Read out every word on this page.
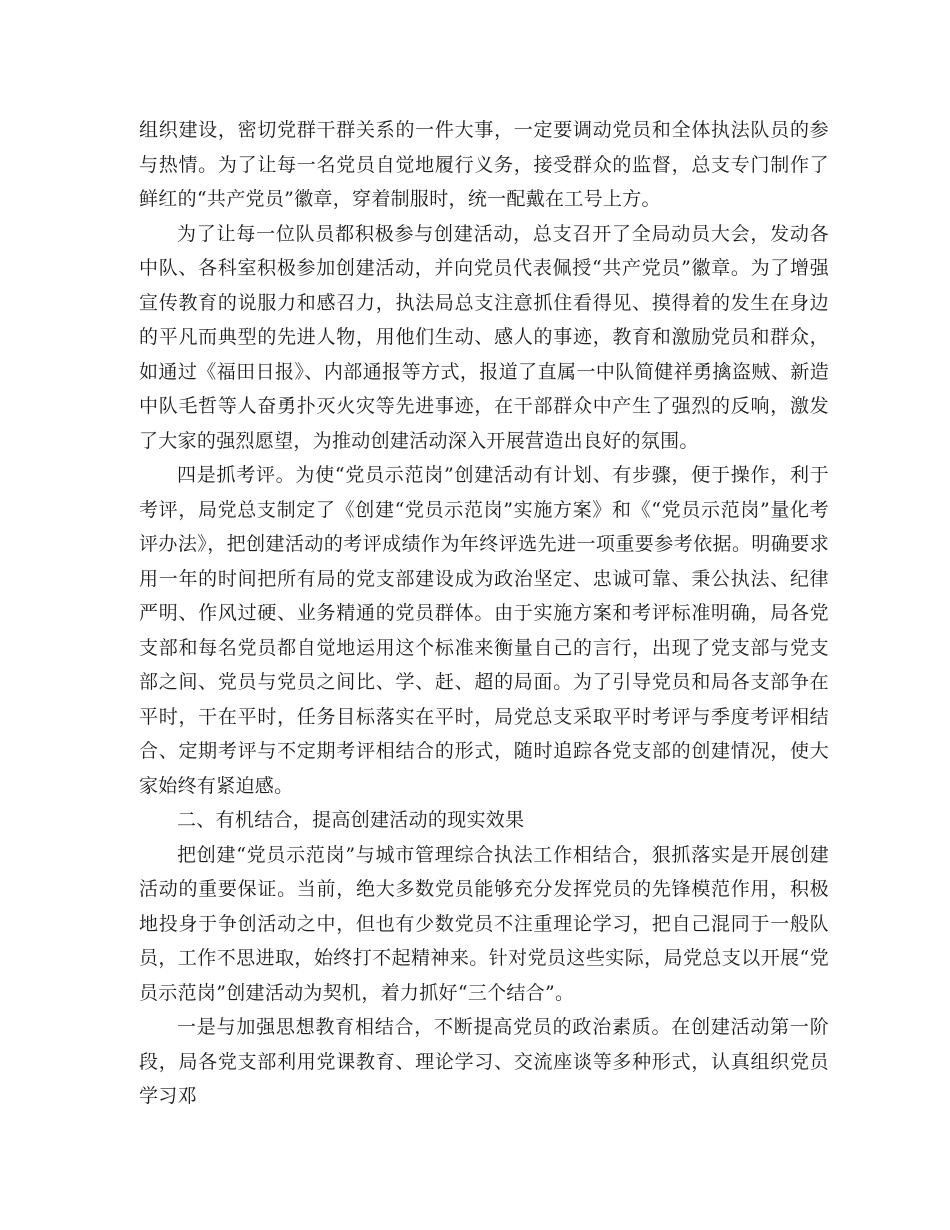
组织建设，密切党群干群关系的一件大事，一定要调动党员和全体执法队员的参与热情。为了让每一名党员自觉地履行义务，接受群众的监督，总支专门制作了鲜红的“共产党员”徽章，穿着制服时，统一配戴在工号上方。

为了让每一位队员都积极参与创建活动，总支召开了全局动员大会，发动各中队、各科室积极参加创建活动，并向党员代表佩授“共产党员”徽章。为了增强宣传教育的说服力和感召力，执法局总支注意抓住看得见、摸得着的发生在身边的平凡而典型的先进人物，用他们生动、感人的事迹，教育和激励党员和群众，如通过《福田日报》、内部通报等方式，报道了直属一中队简健祥勇擒盗贼、新造中队毛哲等人奋勇扑灭火灾等先进事迹，在干部群众中产生了强烈的反响，激发了大家的强烈愿望，为推动创建活动深入开展营造出良好的氛围。

四是抓考评。为使“党员示范岗”创建活动有计划、有步骤，便于操作，利于考评，局党总支制定了《创建“党员示范岗”实施方案》和《“党员示范岗”量化考评办法》，把创建活动的考评成绩作为年终评选先进一项重要参考依据。明确要求用一年的时间把所有局的党支部建设成为政治坚定、忠诚可靠、秉公执法、纪律严明、作风过硬、业务精通的党员群体。由于实施方案和考评标准明确，局各党支部和每名党员都自觉地运用这个标准来衡量自己的言行，出现了党支部与党支部之间、党员与党员之间比、学、赶、超的局面。为了引导党员和局各支部争在平时，干在平时，任务目标落实在平时，局党总支采取平时考评与季度考评相结合、定期考评与不定期考评相结合的形式，随时追踪各党支部的创建情况，使大家始终有紧迫感。

二、有机结合，提高创建活动的现实效果

把创建“党员示范岗”与城市管理综合执法工作相结合，狠抓落实是开展创建活动的重要保证。当前，绝大多数党员能够充分发挥党员的先锋模范作用，积极地投身于争创活动之中，但也有少数党员不注重理论学习，把自己混同于一般队员，工作不思进取，始终打不起精神来。针对党员这些实际，局党总支以开展“党员示范岗”创建活动为契机，着力抓好“三个结合”。

一是与加强思想教育相结合，不断提高党员的政治素质。在创建活动第一阶段，局各党支部利用党课教育、理论学习、交流座谈等多种形式，认真组织党员学习邓
